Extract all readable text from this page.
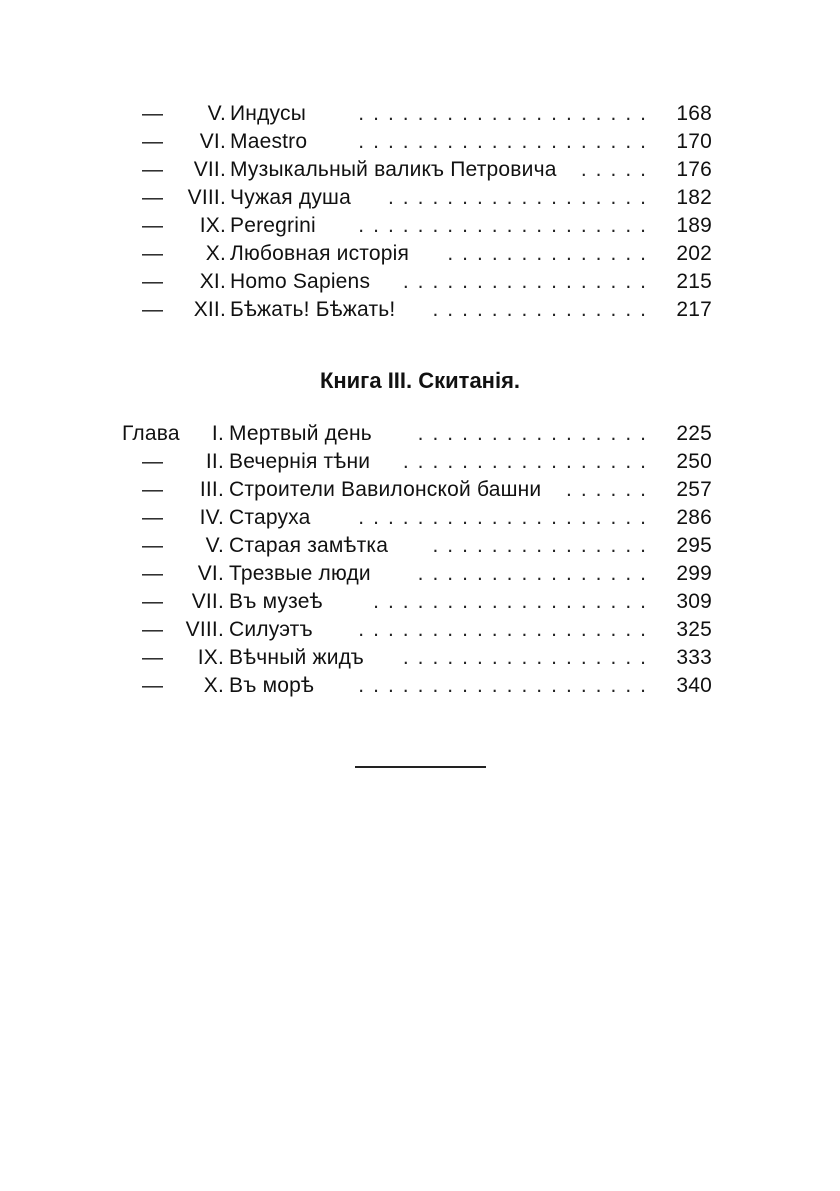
— V. Индусы ....................	168
— VI. Maestro ....................	170
— VII. Музыкальный валикъ Петровича .....	176
— VIII. Чужая душа ..................	182
— IX. Peregrini ....................	189
— X. Любовная исторія ..............	202
— XI. Homo Sapiens .................	215
— XII. Бѣжать! Бѣжать! ...............	217
Книга III. Скитанія.
Глава I. Мертвый день ................	225
— II. Вечернія тѣни .................	250
— III. Строители Вавилонской башни ......	257
— IV. Старуха ....................	286
— V. Старая замѣтка ...............	295
— VI. Трезвые люди ................	299
— VII. Въ музеѣ ...................	309
— VIII. Силуэтъ ....................	325
— IX. Вѣчный жидъ .................	333
— X. Въ морѣ ....................	340
